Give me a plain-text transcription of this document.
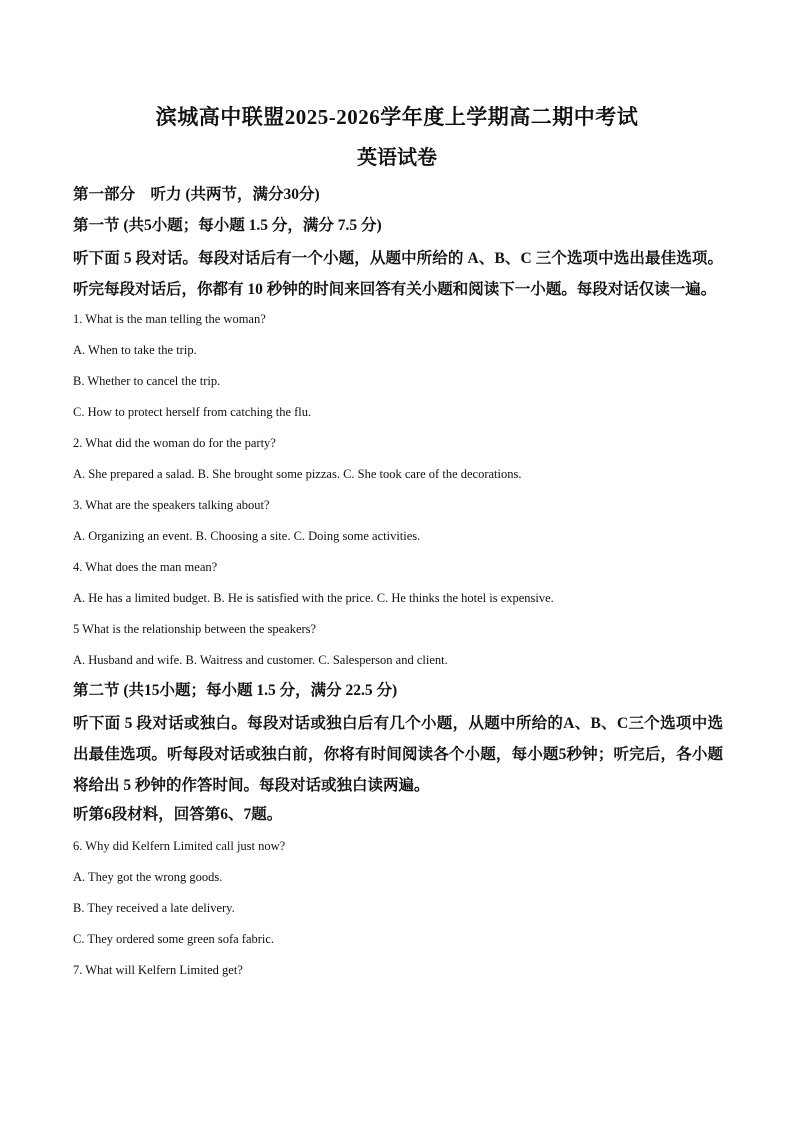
滨城高中联盟2025-2026学年度上学期高二期中考试
英语试卷
第一部分　听力 (共两节，满分30分)
第一节 (共5小题；每小题 1.5 分，满分 7.5 分)
听下面 5 段对话。每段对话后有一个小题，从题中所给的 A、B、C 三个选项中选出最佳选项。听完每段对话后，你都有 10 秒钟的时间来回答有关小题和阅读下一小题。每段对话仅读一遍。
1. What is the man telling the woman?
A. When to take the trip.
B. Whether to cancel the trip.
C. How to protect herself from catching the flu.
2. What did the woman do for the party?
A. She prepared a salad. B. She brought some pizzas. C. She took care of the decorations.
3. What are the speakers talking about?
A. Organizing an event. B. Choosing a site. C. Doing some activities.
4. What does the man mean?
A. He has a limited budget. B. He is satisfied with the price. C. He thinks the hotel is expensive.
5 What is the relationship between the speakers?
A. Husband and wife. B. Waitress and customer. C. Salesperson and client.
第二节 (共15小题；每小题 1.5 分，满分 22.5 分)
听下面 5 段对话或独白。每段对话或独白后有几个小题，从题中所给的A、B、C三个选项中选出最佳选项。听每段对话或独白前，你将有时间阅读各个小题，每小题5秒钟；听完后，各小题将给出 5 秒钟的作答时间。每段对话或独白读两遍。
听第6段材料，回答第6、7题。
6. Why did Kelfern Limited call just now?
A. They got the wrong goods.
B. They received a late delivery.
C. They ordered some green sofa fabric.
7. What will Kelfern Limited get?
